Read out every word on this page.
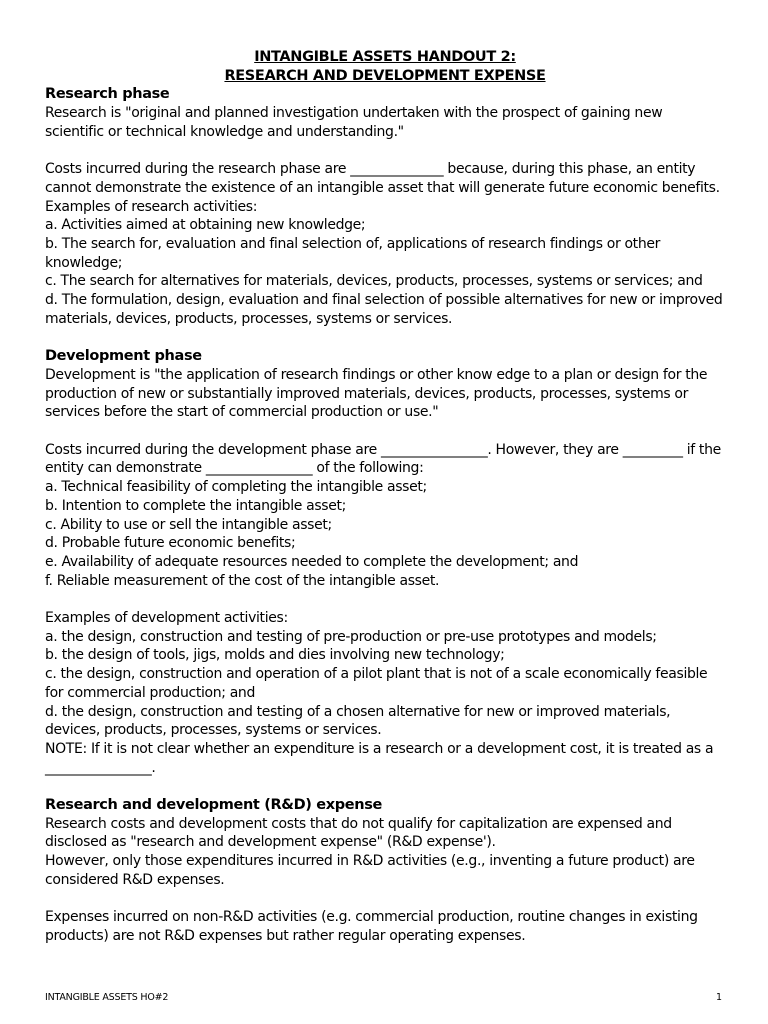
INTANGIBLE ASSETS HANDOUT 2:
RESEARCH AND DEVELOPMENT EXPENSE
Research phase

Research is "original and planned investigation undertaken with the prospect of gaining new scientific or technical knowledge and understanding."

Costs incurred during the research phase are ______________ because, during this phase, an entity cannot demonstrate the existence of an intangible asset that will generate future economic benefits.

Examples of research activities:

a. Activities aimed at obtaining new knowledge;

b. The search for, evaluation and final selection of, applications of research findings or other knowledge;

c. The search for alternatives for materials, devices, products, processes, systems or services; and

d. The formulation, design, evaluation and final selection of possible alternatives for new or improved materials, devices, products, processes, systems or services.

Development phase

Development is "the application of research findings or other know edge to a plan or design for the production of new or substantially improved materials, devices, products, processes, systems or services before the start of commercial production or use."

Costs incurred during the development phase are ________________. However, they are _________ if the entity can demonstrate ________________ of the following:

a. Technical feasibility of completing the intangible asset;

b. Intention to complete the intangible asset;

c. Ability to use or sell the intangible asset;

d. Probable future economic benefits;

e. Availability of adequate resources needed to complete the development; and

f. Reliable measurement of the cost of the intangible asset.

Examples of development activities:

a. the design, construction and testing of pre-production or pre-use prototypes and models;

b. the design of tools, jigs, molds and dies involving new technology;

c. the design, construction and operation of a pilot plant that is not of a scale economically feasible for commercial production; and

d. the design, construction and testing of a chosen alternative for new or improved materials, devices, products, processes, systems or services.

NOTE: If it is not clear whether an expenditure is a research or a development cost, it is treated as a ________________.

Research and development (R&D) expense

Research costs and development costs that do not qualify for capitalization are expensed and disclosed as "research and development expense" (R&D expense').

However, only those expenditures incurred in R&D activities (e.g., inventing a future product) are considered R&D expenses.

Expenses incurred on non-R&D activities (e.g. commercial production, routine changes in existing products) are not R&D expenses but rather regular operating expenses.

INTANGIBLE ASSETS HO#2	1
